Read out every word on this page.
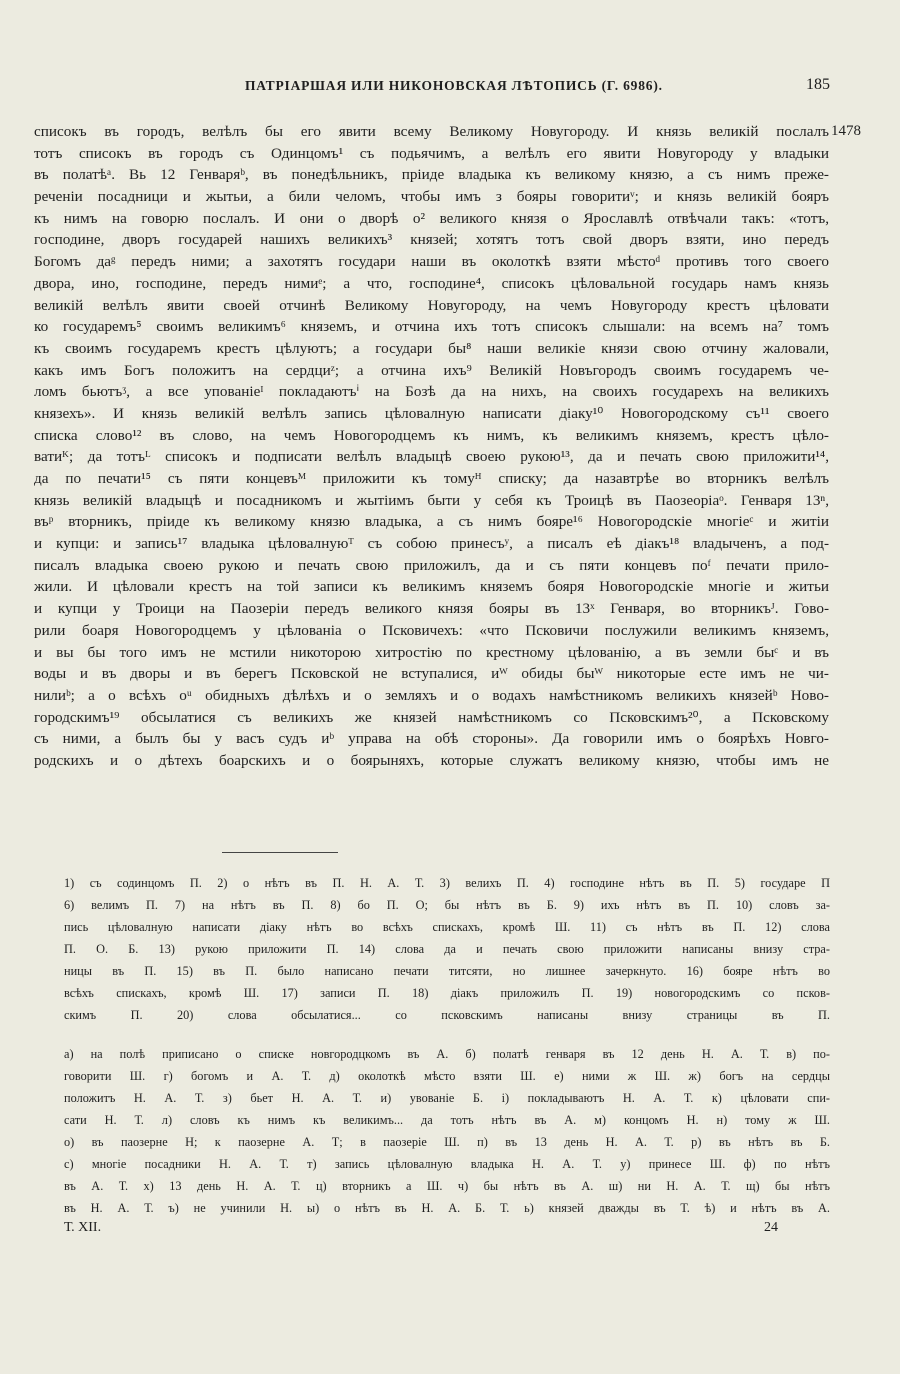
ПАТРІАРШАЯ ИЛИ НИКОНОВСКАЯ ЛѢТОПИСЬ (Г. 6986).	185
1478
списокъ въ городъ, велѣлъ бы его явити всему Великому Новугороду. И князь великій послалъ
тотъ списокъ въ городъ съ Одинцомъ¹ съ подьячимъ, а велѣлъ его явити Новугороду у владыки
въ полатѣᵃ. Вь 12 Генваряᵇ, въ понедѣльникъ, пріиде владыка къ великому князю, а съ нимъ преже-
реченіи посадници и жытьи, а били челомъ, чтобы имъ з бояры говоритиᵛ; и князь великій бояръ
къ нимъ на говорю послалъ. И они о дворѣ о² великого князя о Ярославлѣ отвѣчали такъ: «тотъ,
господине, дворъ государей нашихъ великихъ³ князей; хотятъ тотъ свой дворъ взяти, ино передъ
Богомъ даᵍ передъ ними; а захотятъ государи наши въ околоткѣ взяти мѣстоᵈ противъ того своего
двора, ино, господине, передъ нимиᵉ; а что, господине⁴, списокъ цѣловальной государь намъ князь
великій велѣлъ явити своей отчинѣ Великому Новугороду, на чемъ Новугороду крестъ цѣловати
ко государемъ⁵ своимъ великимъ⁶ княземъ, и отчина ихъ тотъ списокъ слышали: на всемъ на⁷ томъ
къ своимъ государемъ крестъ цѣлуютъ; а государи бы⁸ наши великіе князи свою отчину жаловали,
какъ имъ Богъ положитъ на сердциᶻ; а отчина ихъ⁹ Великій Новъгородъ своимъ государемъ че-
ломъ бьютъᶾ, а все упованіеᴵ покладаютъⁱ на Бозѣ да на нихъ, на своихъ государехъ на великихъ
князехъ». И князь великій велѣлъ запись цѣловалную написати діаку¹⁰ Новогородскому съ¹¹ своего
списка слово¹² въ слово, на чемъ Новогородцемъ къ нимъ, къ великимъ княземъ, крестъ цѣло-
ватиᴷ; да тотъᴸ списокъ и подписати велѣлъ владыцѣ своею рукою¹³, да и печать свою приложити¹⁴,
да по печати¹⁵ съ пяти концевъᴹ приложити къ томуᴴ списку; да назавтрѣе во вторникъ велѣлъ
князь великій владыцѣ и посадникомъ и жытіимъ быти у себя къ Троицѣ въ Паозеоріаᵒ. Генваря 13ⁿ,
въᵖ вторникъ, пріиде къ великому князю владыка, а съ нимъ бояре¹⁶ Новогородскіе многіеᶜ и житіи
и купци: и запись¹⁷ владыка цѣловалнуюᵀ съ собою принесъʸ, а писалъ еѣ діакъ¹⁸ владыченъ, а под-
писалъ владыка своею рукою и печать свою приложилъ, да и съ пяти концевъ поᶠ печати прило-
жили. И цѣловали крестъ на той записи къ великимъ княземъ бояря Новогородскіе многіе и житьи
и купци у Троици на Паозеріи передъ великого князя бояры въ 13ˣ Генваря, во вторникъᴶ. Гово-
рили боаря Новогородцемъ у цѣлованіа о Псковичехъ: «что Псковичи послужили великимъ княземъ,
и вы бы того имъ не мстили никоторою хитростію по крестному цѣлованію, а въ земли быᶜ и въ
воды и въ дворы и въ берегъ Псковской не вступалися, иᵂ обиды быᵂ никоторые есте имъ не чи-
нилиᵇ; а о всѣхъ оᵘ обидныхъ дѣлѣхъ и о земляхъ и о водахъ намѣстникомъ великихъ князейᵇ Ново-
городскимъ¹⁹ обсылатися съ великихъ же князей намѣстникомъ со Псковскимъ²⁰, а Псковскому
съ ними, а былъ бы у васъ судъ иᵇ управа на обѣ стороны». Да говорили имъ о боярѣхъ Новго-
родскихъ и о дѣтехъ боарскихъ и о боярыняхъ, которые служатъ великому князю, чтобы имъ не
1) съ содинцомъ П. 2) о нѣтъ въ П. Н. А. Т. 3) велихъ П. 4) господине нѣтъ въ П. 5) государе П
6) велимъ П. 7) на нѣтъ въ П. 8) бо П. О; бы нѣтъ въ Б. 9) ихъ нѣтъ въ П. 10) словъ за-
пись цѣловалную написати діаку нѣтъ во всѣхъ спискахъ, кромѣ Ш. 11) съ нѣтъ въ П. 12) слова
П. О. Б. 13) рукою приложити П. 14) слова да и печать свою приложити написаны внизу стра-
ницы въ П. 15) въ П. было написано печати титсяти, но лишнее зачеркнуто. 16) бояре нѣтъ во
всѣхъ спискахъ, кромѣ Ш. 17) записи П. 18) діакъ приложилъ П. 19) новогородскимъ со псков-
скимъ П. 20) слова обсылатися... со псковскимъ написаны внизу страницы въ П.
а) на полѣ приписано о списке новгородцкомъ въ А. б) полатѣ генваря въ 12 день Н. А. Т. в) по-
говорити Ш. г) богомъ и А. Т. д) околоткѣ мѣсто взяти Ш. е) ними ж Ш. ж) богъ на сердцы
положитъ Н. А. Т. з) бьет Н. А. Т. и) увованіе Б. і) покладываютъ Н. А. Т. к) цѣловати спи-
сати Н. Т. л) словъ къ нимъ къ великимъ... да тотъ нѣтъ въ А. м) концомъ Н. н) тому ж Ш.
о) въ паозерне Н; к паозерне А. Т; в паозеріе Ш. п) въ 13 день Н. А. Т. р) въ нѣтъ въ Б.
с) многіе посадники Н. А. Т. т) запись цѣловалную владыка Н. А. Т. у) принесе Ш. ф) по нѣтъ
въ А. Т. х) 13 день Н. А. Т. ц) вторникъ а Ш. ч) бы нѣтъ въ А. ш) ни Н. А. Т. щ) бы нѣтъ
въ Н. А. Т. ъ) не учинили Н. ы) о нѣтъ въ Н. А. Б. Т. ь) князей дважды въ Т. ѣ) и нѣтъ въ А.
Т. XII.	24
